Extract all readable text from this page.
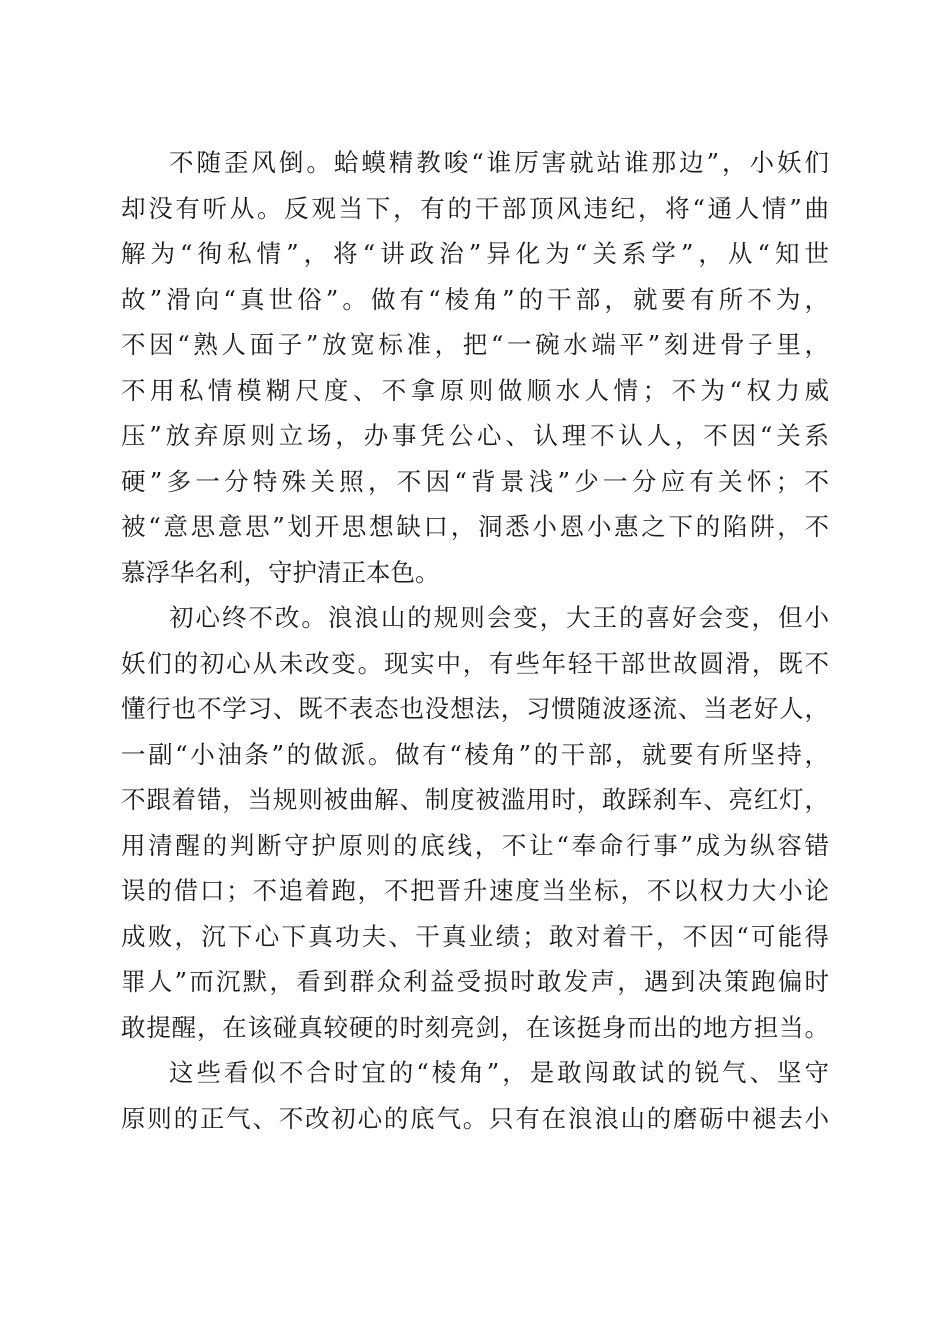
不随歪风倒。蛤蟆精教唆“谁厉害就站谁那边”，小妖们
却没有听从。反观当下，有的干部顶风违纪，将“通人情”曲
解为“徇私情”，将“讲政治”异化为“关系学”，从“知世
故”滑向“真世俗”。做有“棱角”的干部，就要有所不为，
不因“熟人面子”放宽标准，把“一碗水端平”刻进骨子里，
不用私情模糊尺度、不拿原则做顺水人情；不为“权力威
压”放弃原则立场，办事凭公心、认理不认人，不因“关系
硬”多一分特殊关照，不因“背景浅”少一分应有关怀；不
被“意思意思”划开思想缺口，洞悉小恩小惠之下的陷阱，不
慕浮华名利，守护清正本色。
初心终不改。浪浪山的规则会变，大王的喜好会变，但小
妖们的初心从未改变。现实中，有些年轻干部世故圆滑，既不
懂行也不学习、既不表态也没想法，习惯随波逐流、当老好人，
一副“小油条”的做派。做有“棱角”的干部，就要有所坚持，
不跟着错，当规则被曲解、制度被滥用时，敢踩刹车、亮红灯，
用清醒的判断守护原则的底线，不让“奉命行事”成为纵容错
误的借口；不追着跑，不把晋升速度当坐标，不以权力大小论
成败，沉下心下真功夫、干真业绩；敢对着干，不因“可能得
罪人”而沉默，看到群众利益受损时敢发声，遇到决策跑偏时
敢提醒，在该碰真较硬的时刻亮剑，在该挺身而出的地方担当。
这些看似不合时宜的“棱角”，是敢闯敢试的锐气、坚守
原则的正气、不改初心的底气。只有在浪浪山的磨砺中褪去小
